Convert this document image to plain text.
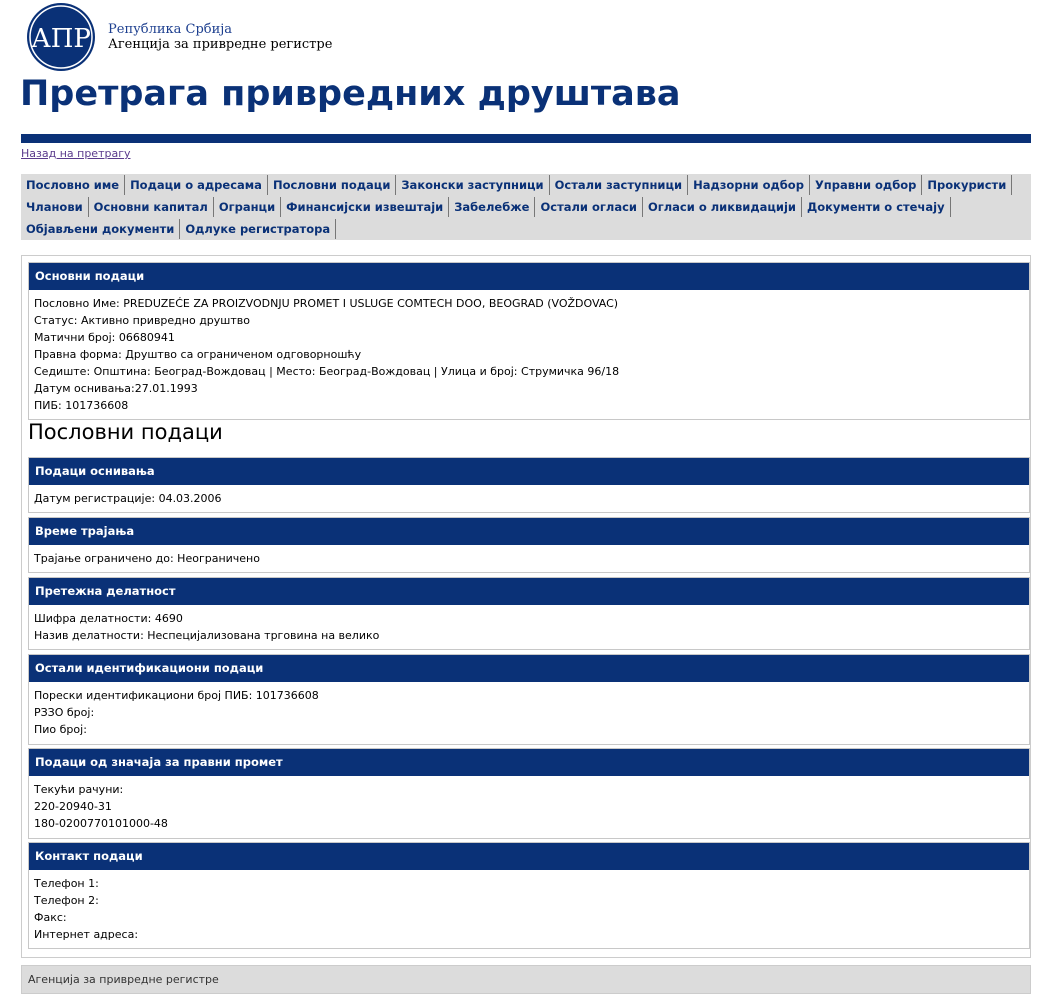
АПР Република Србија
Агенција за привредне регистре
Претрага привредних друштава
Назад на претрагу
Пословно име Подаци о адресама Пословни подаци Законски заступници Остали заступници Надзорни одбор Управни одбор Прокуристи
Чланови Основни капитал Огранци Финансијски извештаји Забелебже Остали огласи Огласи о ликвидацији Документи о стечају
Објављени документи Одлуке регистратора
Основни подаци
Пословно Име: PREDUZEĆE ZA PROIZVODNJU PROMET I USLUGE COMTECH DOO, BEOGRAD (VOŽDOVAC)
Статус: Активно привредно друштво
Матични број: 06680941
Правна форма: Друштво са ограниченом одговорношћу
Седиште: Општина: Београд-Вождовац | Место: Београд-Вождовац | Улица и број: Струмичка 96/18
Датум оснивања:27.01.1993
ПИБ: 101736608
Пословни подаци
Подаци оснивања
Датум регистрације: 04.03.2006
Време трајања
Трајање ограничено до: Неограничено
Претежна делатност
Шифра делатности: 4690
Назив делатности: Неспецијализована трговина на велико
Остали идентификациони подаци
Порески идентификациони број ПИБ: 101736608
РЗЗО број:
Пио број:
Подаци од значаја за правни промет
Текући рачуни:
220-20940-31
180-0200770101000-48
Контакт подаци
Телефон 1:
Телефон 2:
Факс:
Интернет адреса:
Агенција за привредне регистре
